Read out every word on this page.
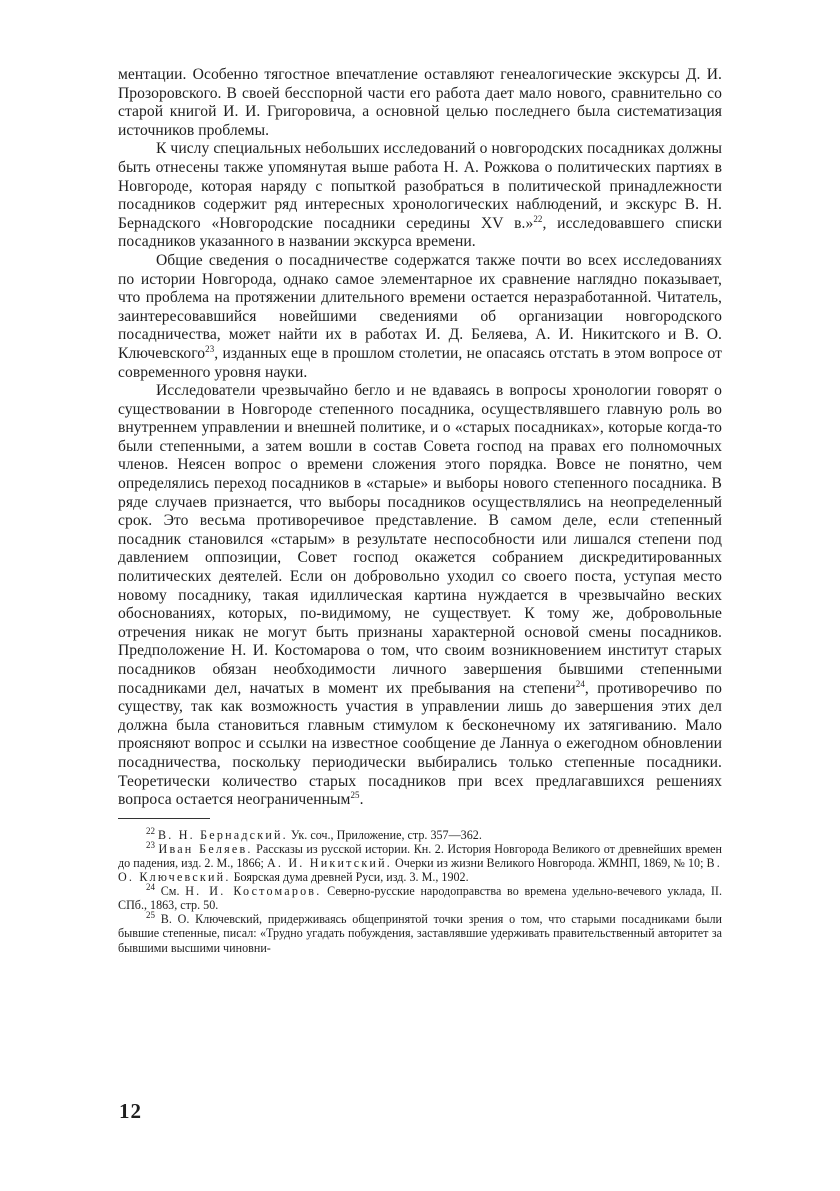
ментации. Особенно тягостное впечатление оставляют генеалогические экскурсы Д. И. Прозоровского. В своей бесспорной части его работа дает мало нового, сравнительно со старой книгой И. И. Григоровича, а основной целью последнего была систематизация источников проблемы.

К числу специальных небольших исследований о новгородских посадниках должны быть отнесены также упомянутая выше работа Н. А. Рожкова о политических партиях в Новгороде, которая наряду с попыткой разобраться в политической принадлежности посадников содержит ряд интересных хронологических наблюдений, и экскурс В. Н. Бернадского «Новгородские посадники середины XV в.»$^{22}$, исследовавшего списки посадников указанного в названии экскурса времени.

Общие сведения о посадничестве содержатся также почти во всех исследованиях по истории Новгорода, однако самое элементарное их сравнение наглядно показывает, что проблема на протяжении длительного времени остается неразработанной. Читатель, заинтересовавшийся новейшими сведениями об организации новгородского посадничества, может найти их в работах И. Д. Беляева, А. И. Никитского и В. О. Ключевского$^{23}$, изданных еще в прошлом столетии, не опасаясь отстать в этом вопросе от современного уровня науки.

Исследователи чрезвычайно бегло и не вдаваясь в вопросы хронологии говорят о существовании в Новгороде степенного посадника, осуществлявшего главную роль во внутреннем управлении и внешней политике, и о «старых посадниках», которые когда-то были степенными, а затем вошли в состав Совета господ на правах его полномочных членов. Неясен вопрос о времени сложения этого порядка. Вовсе не понятно, чем определялись переход посадников в «старые» и выборы нового степенного посадника. В ряде случаев признается, что выборы посадников осуществлялись на неопределенный срок. Это весьма противоречивое представление. В самом деле, если степенный посадник становился «старым» в результате неспособности или лишался степени под давлением оппозиции, Совет господ окажется собранием дискредитированных политических деятелей. Если он добровольно уходил со своего поста, уступая место новому посаднику, такая идиллическая картина нуждается в чрезвычайно веских обоснованиях, которых, по-видимому, не существует. К тому же, добровольные отречения никак не могут быть признаны характерной основой смены посадников. Предположение Н. И. Костомарова о том, что своим возникновением институт старых посадников обязан необходимости личного завершения бывшими степенными посадниками дел, начатых в момент их пребывания на степени$^{24}$, противоречиво по существу, так как возможность участия в управлении лишь до завершения этих дел должна была становиться главным стимулом к бесконечному их затягиванию. Мало проясняют вопрос и ссылки на известное сообщение де Ланнуа о ежегодном обновлении посадничества, поскольку периодически выбирались только степенные посадники. Теоретически количество старых посадников при всех предлагавшихся решениях вопроса остается неограниченным$^{25}$.

$^{22}$ В. Н. Бернадский. Ук. соч., Приложение, стр. 357—362.

$^{23}$ Иван Беляев. Рассказы из русской истории. Кн. 2. История Новгорода Великого от древнейших времен до падения, изд. 2. М., 1866; А. И. Никитский. Очерки из жизни Великого Новгорода. ЖМНП, 1869, № 10; В. О. Ключевский. Боярская дума древней Руси, изд. 3. М., 1902.

$^{24}$ См. Н. И. Костомаров. Северно-русские народоправства во времена удельно-вечевого уклада, II. СПб., 1863, стр. 50.

$^{25}$ В. О. Ключевский, придерживаясь общепринятой точки зрения о том, что старыми посадниками были бывшие степенные, писал: «Трудно угадать побуждения, заставлявшие удерживать правительственный авторитет за бывшими высшими чиновни-

12
